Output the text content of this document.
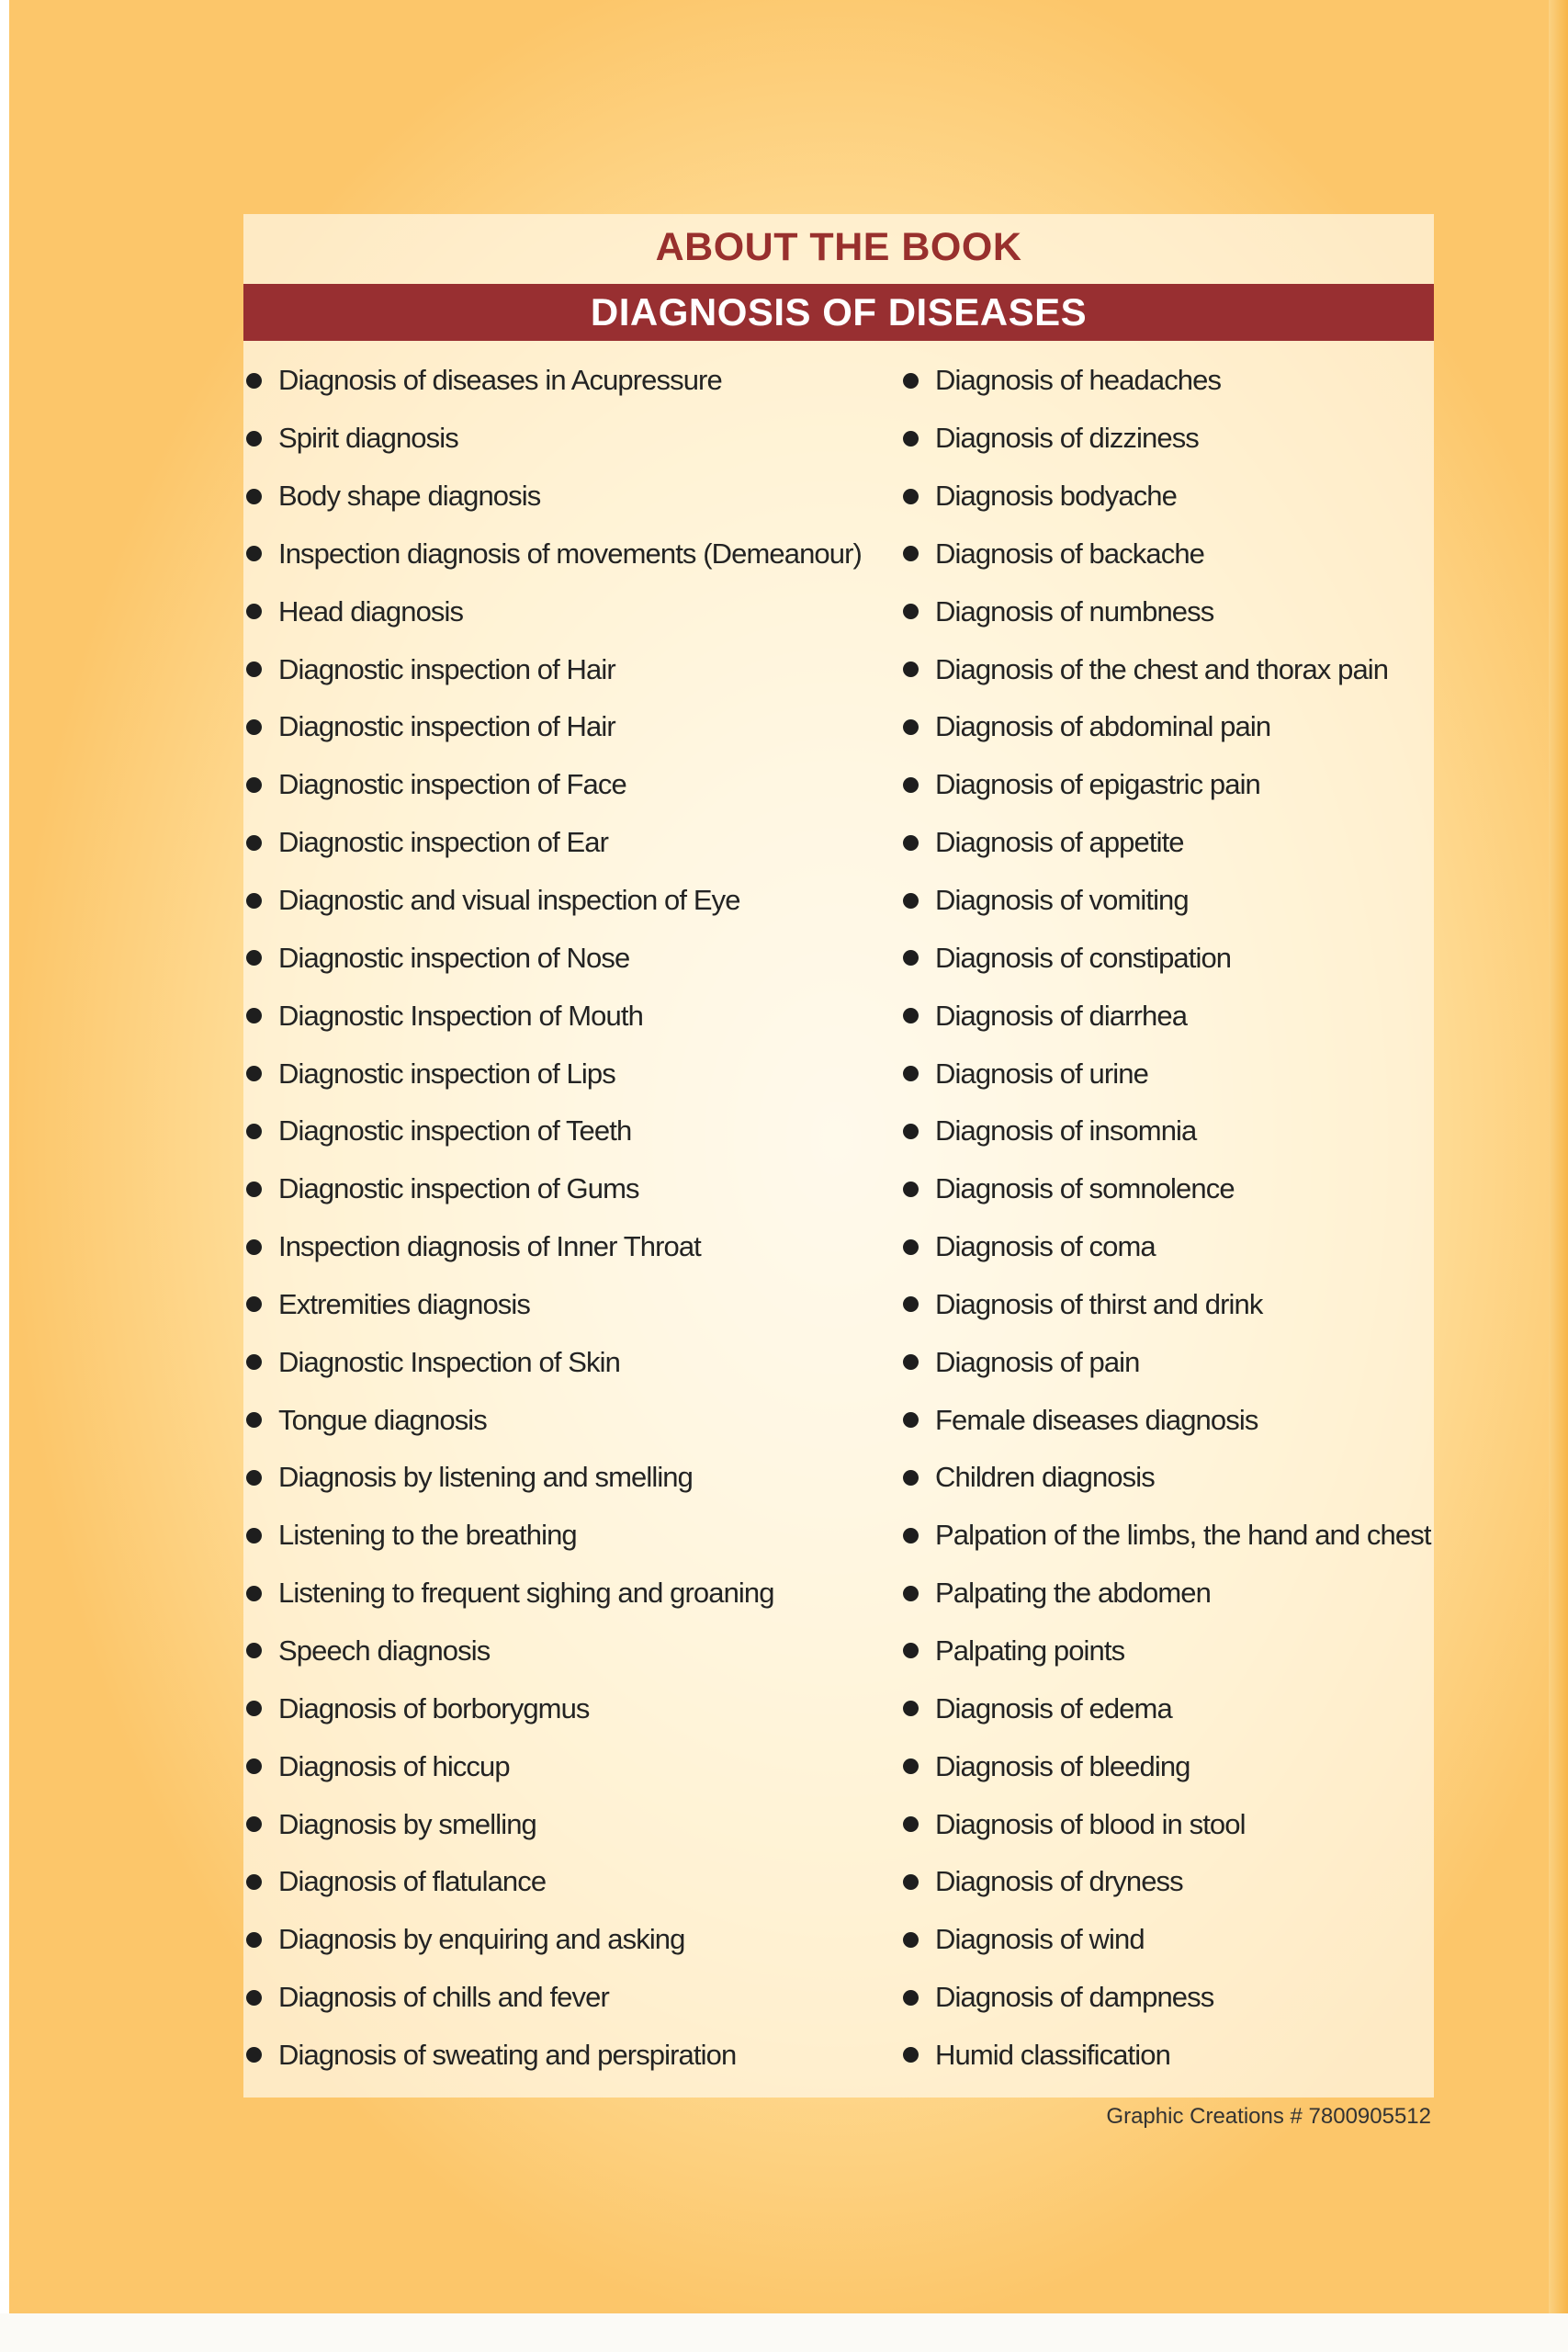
ABOUT THE BOOK
DIAGNOSIS OF DISEASES
Diagnosis of diseases in Acupressure
Spirit diagnosis
Body shape diagnosis
Inspection diagnosis of movements (Demeanour)
Head diagnosis
Diagnostic inspection of Hair
Diagnostic inspection of Hair
Diagnostic inspection of Face
Diagnostic inspection of Ear
Diagnostic and visual inspection of Eye
Diagnostic inspection of Nose
Diagnostic Inspection of Mouth
Diagnostic inspection of Lips
Diagnostic inspection of Teeth
Diagnostic inspection of Gums
Inspection diagnosis of Inner Throat
Extremities diagnosis
Diagnostic Inspection of Skin
Tongue diagnosis
Diagnosis by listening and smelling
Listening to the breathing
Listening to frequent sighing and groaning
Speech diagnosis
Diagnosis of borborygmus
Diagnosis of hiccup
Diagnosis by smelling
Diagnosis of flatulance
Diagnosis by enquiring and asking
Diagnosis of chills and fever
Diagnosis of sweating and perspiration
Diagnosis of headaches
Diagnosis of dizziness
Diagnosis bodyache
Diagnosis of backache
Diagnosis of numbness
Diagnosis of the chest and thorax pain
Diagnosis of abdominal pain
Diagnosis of epigastric pain
Diagnosis of appetite
Diagnosis of vomiting
Diagnosis of constipation
Diagnosis of diarrhea
Diagnosis of urine
Diagnosis of insomnia
Diagnosis of somnolence
Diagnosis of coma
Diagnosis of thirst and drink
Diagnosis of pain
Female diseases diagnosis
Children diagnosis
Palpation of the limbs, the hand and chest
Palpating the abdomen
Palpating points
Diagnosis of edema
Diagnosis of bleeding
Diagnosis of blood in stool
Diagnosis of dryness
Diagnosis of wind
Diagnosis of dampness
Humid classification
Graphic Creations # 7800905512
